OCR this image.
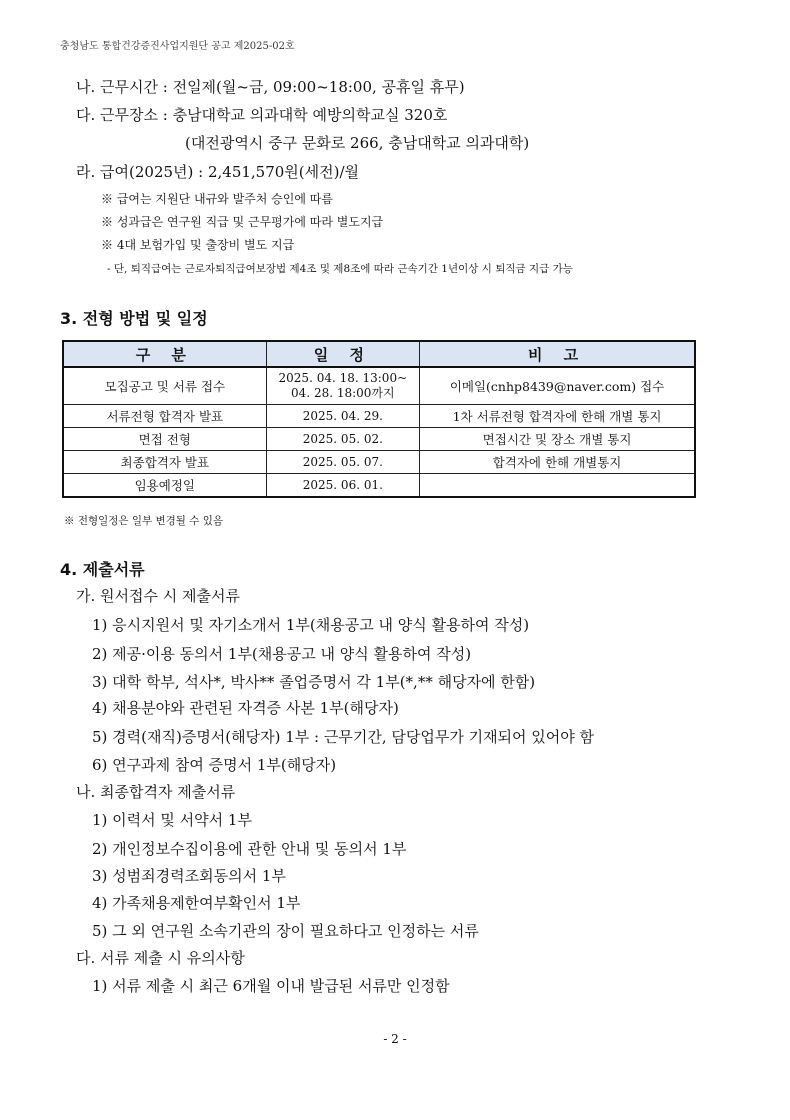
충청남도 통합건강증진사업지원단 공고 제2025-02호
나. 근무시간 : 전일제(월~금, 09:00~18:00, 공휴일 휴무)
다. 근무장소 : 충남대학교 의과대학 예방의학교실 320호
(대전광역시 중구 문화로 266, 충남대학교 의과대학)
라. 급여(2025년) : 2,451,570원(세전)/월
※ 급여는 지원단 내규와 발주처 승인에 따름
※ 성과급은 연구원 직급 및 근무평가에 따라 별도지급
※ 4대 보험가입 및 출장비 별도 지급
- 단, 퇴직급여는 근로자퇴직급여보장법 제4조 및 제8조에 따라 근속기간 1년이상 시 퇴직금 지급 가능
3. 전형 방법 및 일정
구 분	일 정	비 고
모집공고 및 서류 접수	2025. 04. 18. 13:00~
04. 28. 18:00까지	이메일(cnhp8439@naver.com) 접수
서류전형 합격자 발표	2025. 04. 29.	1차 서류전형 합격자에 한해 개별 통지
면접 전형	2025. 05. 02.	면접시간 및 장소 개별 통지
최종합격자 발표	2025. 05. 07.	합격자에 한해 개별통지
임용예정일	2025. 06. 01.	
※ 전형일정은 일부 변경될 수 있음
4. 제출서류
가. 원서접수 시 제출서류
1) 응시지원서 및 자기소개서 1부(채용공고 내 양식 활용하여 작성)
2) 제공·이용 동의서 1부(채용공고 내 양식 활용하여 작성)
3) 대학 학부, 석사*, 박사** 졸업증명서 각 1부(*,** 해당자에 한함)
4) 채용분야와 관련된 자격증 사본 1부(해당자)
5) 경력(재직)증명서(해당자) 1부 : 근무기간, 담당업무가 기재되어 있어야 함
6) 연구과제 참여 증명서 1부(해당자)
나. 최종합격자 제출서류
1) 이력서 및 서약서 1부
2) 개인정보수집이용에 관한 안내 및 동의서 1부
3) 성범죄경력조회동의서 1부
4) 가족채용제한여부확인서 1부
5) 그 외 연구원 소속기관의 장이 필요하다고 인정하는 서류
다. 서류 제출 시 유의사항
1) 서류 제출 시 최근 6개월 이내 발급된 서류만 인정함
- 2 -
